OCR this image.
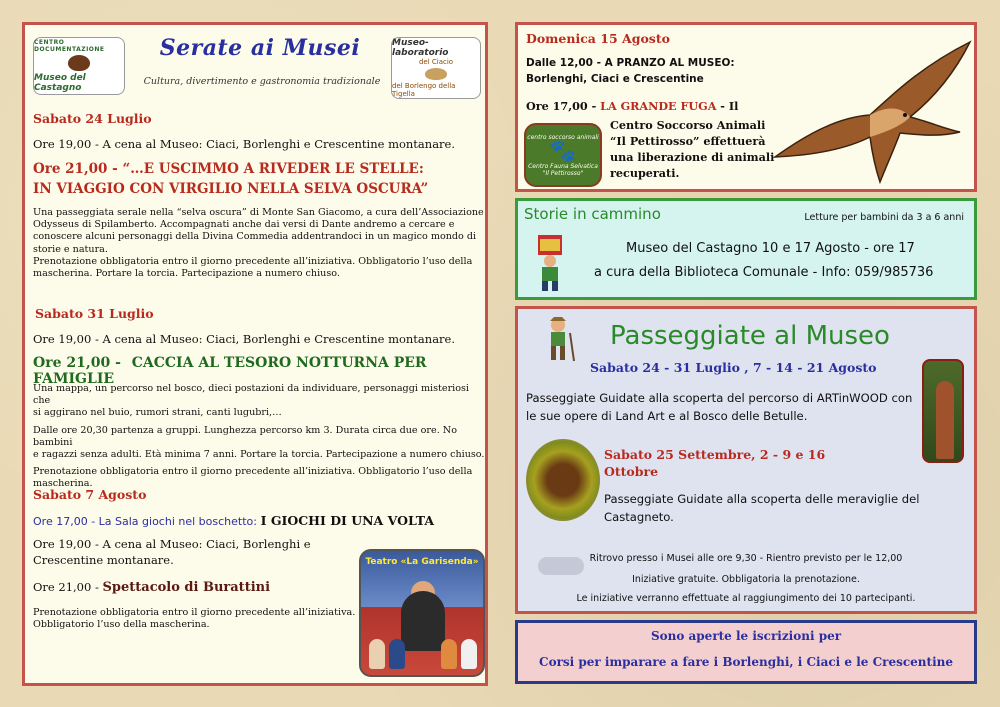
CENTRO DOCUMENTAZIONE
Museo del Castagno
Serate ai Musei
Cultura, divertimento e gastronomia tradizionale
Museo-laboratorio
del Ciacio
del Borlengo della Tigella
Sabato 24 Luglio
Ore 19,00 - A cena al Museo: Ciaci, Borlenghi e Crescentine montanare.
Ore 21,00 - “…E USCIMMO A RIVEDER LE STELLE:
IN VIAGGIO CON VIRGILIO NELLA SELVA OSCURA”
Una passeggiata serale nella “selva oscura” di Monte San Giacomo, a cura dell’Associazione
Odysseus di Spilamberto. Accompagnati anche dai versi di Dante andremo a cercare e
conoscere alcuni personaggi della Divina Commedia addentrandoci in un magico mondo di
storie e natura.
Prenotazione obbligatoria entro il giorno precedente all’iniziativa. Obbligatorio l’uso della
mascherina. Portare la torcia. Partecipazione a numero chiuso.
Sabato 31 Luglio
Ore 19,00 - A cena al Museo: Ciaci, Borlenghi e Crescentine montanare.
Ore 21,00 - CACCIA AL TESORO NOTTURNA PER FAMIGLIE
Una mappa, un percorso nel bosco, dieci postazioni da individuare, personaggi misteriosi che
si aggirano nel buio, rumori strani, canti lugubri,…
Dalle ore 20,30 partenza a gruppi. Lunghezza percorso km 3. Durata circa due ore. No bambini
e ragazzi senza adulti. Età minima 7 anni. Portare la torcia. Partecipazione a numero chiuso.
Prenotazione obbligatoria entro il giorno precedente all’iniziativa. Obbligatorio l’uso della
mascherina.
Sabato 7 Agosto
Ore 17,00 - La Sala giochi nel boschetto: I GIOCHI DI UNA VOLTA
Ore 19,00 - A cena al Museo: Ciaci, Borlenghi e
Crescentine montanare.
Ore 21,00 - Spettacolo di Burattini
Prenotazione obbligatoria entro il giorno precedente all’iniziativa.
Obbligatorio l’uso della mascherina.
Teatro «La Garisenda»
Domenica 15 Agosto
Dalle 12,00 - A PRANZO AL MUSEO:
Borlenghi, Ciaci e Crescentine
Ore 17,00 - LA GRANDE FUGA - Il
Centro Soccorso Animali
“Il Pettirosso” effettuerà
una liberazione di animali
recuperati.
centro soccorso animali
🐾
Centro Fauna Selvatica
"Il Pettirosso"
Storie in cammino	Letture per bambini da 3 a 6 anni
Museo del Castagno 10 e 17 Agosto - ore 17
a cura della Biblioteca Comunale - Info: 059/985736
Passeggiate al Museo
Sabato 24 - 31 Luglio , 7 - 14 - 21 Agosto
Passeggiate Guidate alla scoperta del percorso di ARTinWOOD con
le sue opere di Land Art e al Bosco delle Betulle.
Sabato 25 Settembre, 2 - 9 e 16
Ottobre
Passeggiate Guidate alla scoperta delle meraviglie del
Castagneto.
Ritrovo presso i Musei alle ore 9,30 - Rientro previsto per le 12,00
Iniziative gratuite. Obbligatoria la prenotazione.
Le iniziative verranno effettuate al raggiungimento dei 10 partecipanti.
Sono aperte le iscrizioni per
Corsi per imparare a fare i Borlenghi, i Ciaci e le Crescentine
